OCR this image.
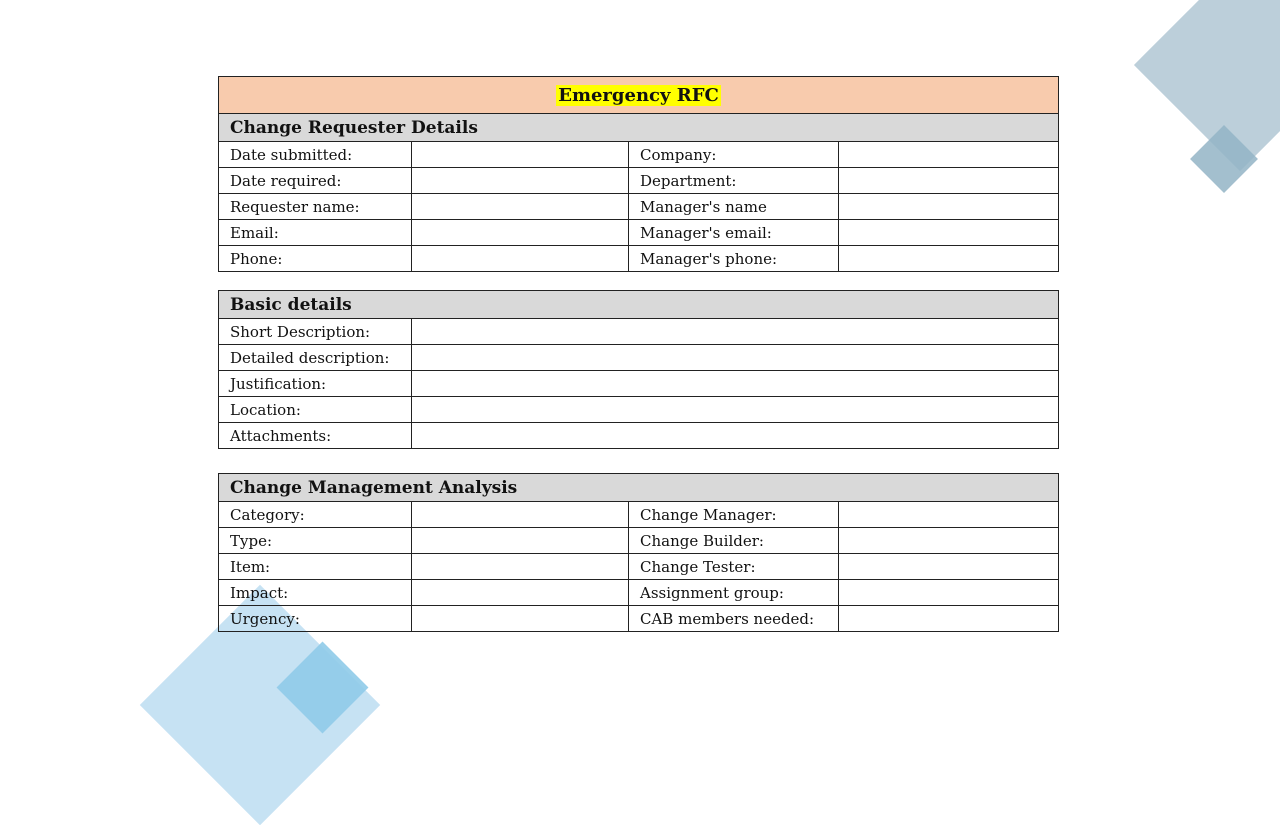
Emergency RFC			
Change Requester Details			
Date submitted:		Company:	
Date required:		Department:	
Requester name:		Manager's name	
Email:		Manager's email:	
Phone:		Manager's phone:	
Basic details	
Short Description:	
Detailed description:	
Justification:	
Location:	
Attachments:	
Change Management Analysis			
Category:		Change Manager:	
Type:		Change Builder:	
Item:		Change Tester:	
Impact:		Assignment group:	
Urgency:		CAB members needed:	
